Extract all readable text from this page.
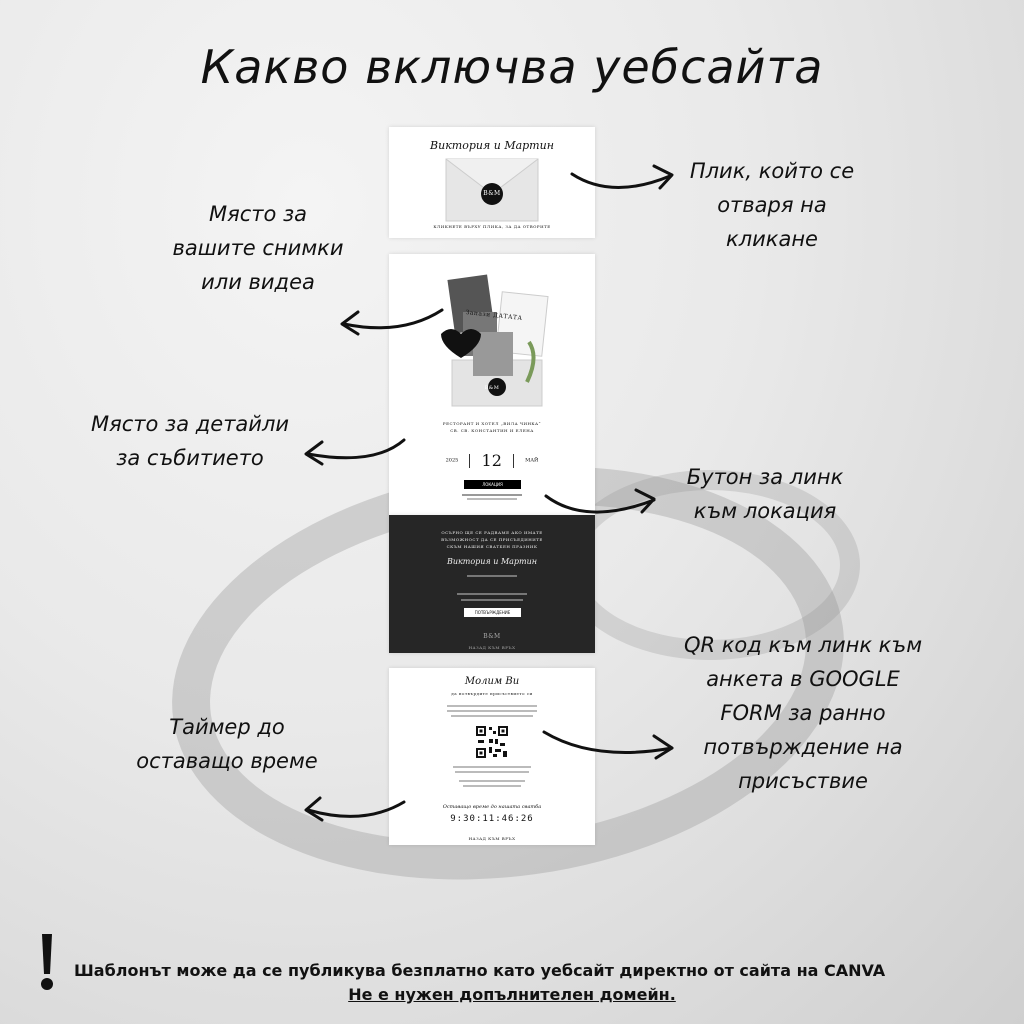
Какво включва уебсайта
Виктория и Мартин
В&М
КЛИКНЕТЕ ВЪРХУ ПЛИКА, ЗА ДА ОТВОРИТЕ
Запази ДАТАТА
В&М
РЕСТОРАНТ И ХОТЕЛ „ВИЛА ЧИНКА“
СВ. СВ. КОНСТАНТИН И ЕЛЕНА
2025 12	МАЙ
ЛОКАЦИЯ
ОСЪРНО ЩЕ СЕ РАДВАМЕ АКО ИМАТЕ
ВЪЗМОЖНОСТ ДА СЕ ПРИСЪЕДИНИТЕ
СКЪМ НАШИЯ СВАТБЕН ПРАЗНИК
Виктория и Мартин
ПОТВЪРЖДЕНИЕ
В&М
НАЗАД КЪМ ВРЪХ
Молим Ви
да потвърдите присъствието си
Оставащо време до нашата сватба
9:30:11:46:26
НАЗАД КЪМ ВРЪХ
Плик, който се
отваря на
кликане
Място за
вашите снимки
или видеа
Място за детайли
за събитието
Бутон за линк
към локация
QR код към линк към
анкета в GOOGLE
FORM за ранно
потвърждение на
присъствие
Таймер до
оставащо време
Шаблонът може да се публикува безплатно като уебсайт директно от сайта на CANVA
Не е нужен допълнителен домейн.
